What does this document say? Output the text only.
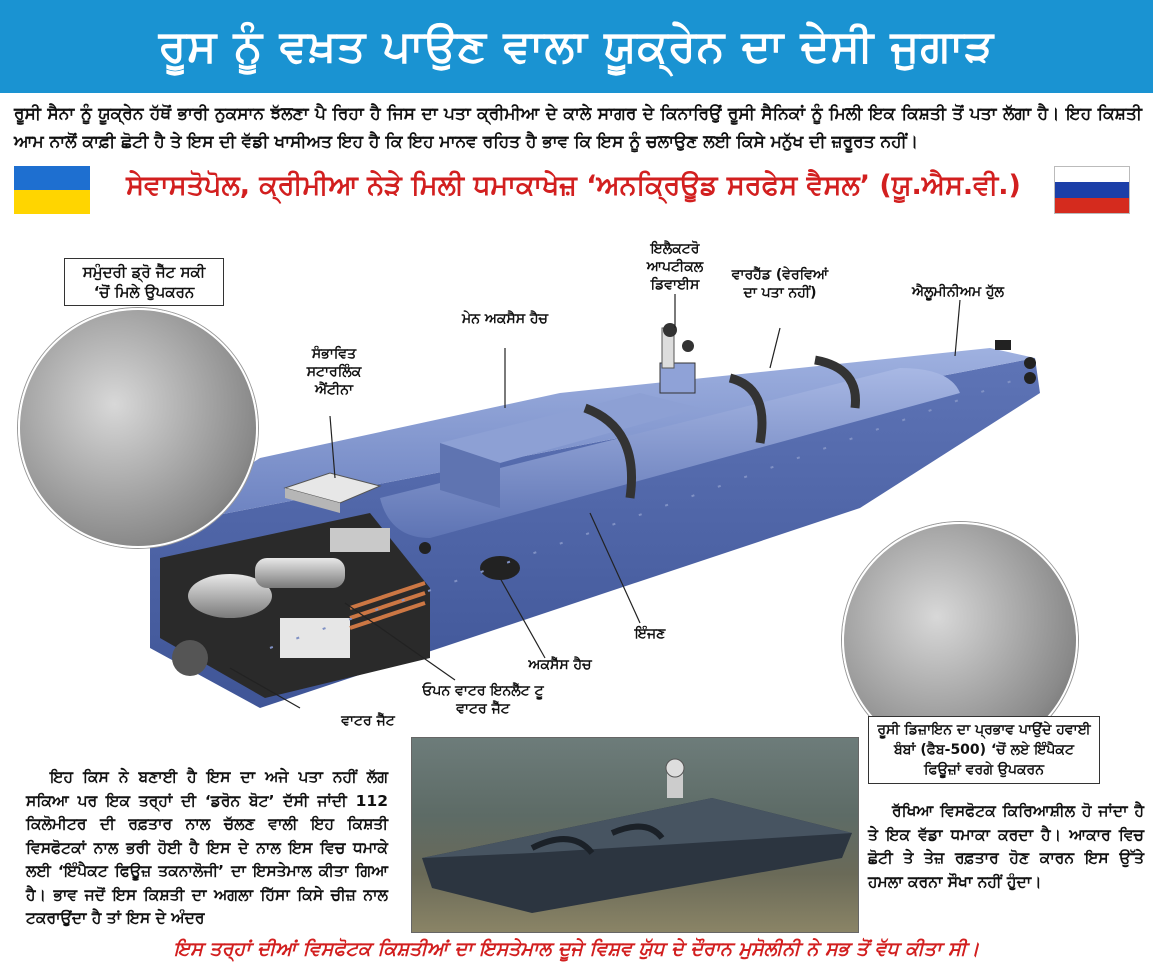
ਰੂਸ ਨੂੰ ਵਖ਼ਤ ਪਾਉਣ ਵਾਲਾ ਯੂਕ੍ਰੇਨ ਦਾ ਦੇਸੀ ਜੁਗਾੜ
ਰੂਸੀ ਸੈਨਾ ਨੂੰ ਯੂਕ੍ਰੇਨ ਹੱਥੋਂ ਭਾਰੀ ਨੁਕਸਾਨ ਝੱਲਣਾ ਪੈ ਰਿਹਾ ਹੈ ਜਿਸ ਦਾ ਪਤਾ ਕ੍ਰੀਮੀਆ ਦੇ ਕਾਲੇ ਸਾਗਰ ਦੇ ਕਿਨਾਰਿਉਂ ਰੂਸੀ ਸੈਨਿਕਾਂ ਨੂੰ ਮਿਲੀ ਇਕ ਕਿਸ਼ਤੀ ਤੋਂ ਪਤਾ ਲੱਗਾ ਹੈ। ਇਹ ਕਿਸ਼ਤੀ ਆਮ ਨਾਲੋਂ ਕਾਫ਼ੀ ਛੋਟੀ ਹੈ ਤੇ ਇਸ ਦੀ ਵੱਡੀ ਖਾਸੀਅਤ ਇਹ ਹੈ ਕਿ ਇਹ ਮਾਨਵ ਰਹਿਤ ਹੈ ਭਾਵ ਕਿ ਇਸ ਨੂੰ ਚਲਾਉਣ ਲਈ ਕਿਸੇ ਮਨੁੱਖ ਦੀ ਜ਼ਰੂਰਤ ਨਹੀਂ।
ਸੇਵਾਸਤੋਪੋਲ, ਕ੍ਰੀਮੀਆ ਨੇੜੇ ਮਿਲੀ ਧਮਾਕਾਖੇਜ਼ ‘ਅਨਕ੍ਰਿਊਡ ਸਰਫੇਸ ਵੈਸਲ’ (ਯੂ.ਐਸ.ਵੀ.)
ਸਮੁੰਦਰੀ ਡ੍ਰੋ ਜੈੱਟ ਸਕੀ ‘ਚੋਂ ਮਿਲੇ ਉਪਕਰਨ
ਸੰਭਾਵਿਤ ਸਟਾਰਲਿੰਕ ਐਂਟੀਨਾ
ਮੇਨ ਅਕਸੈਸ ਹੈਚ
ਇਲੈਕਟਰੋ ਆਪਟੀਕਲ ਡਿਵਾਈਸ
ਵਾਰਹੈੱਡ (ਵੇਰਵਿਆਂ ਦਾ ਪਤਾ ਨਹੀਂ)	ਐਲੂਮੀਨੀਅਮ ਹੁੱਲ
ਇੰਜਣ
ਅਕਸੈੱਸ ਹੈਚ
ਓਪਨ ਵਾਟਰ ਇਨਲੈੱਟ ਟੂ ਵਾਟਰ ਜੈੱਟ
ਵਾਟਰ ਜੈੱਟ
ਰੂਸੀ ਡਿਜ਼ਾਇਨ ਦਾ ਪ੍ਰਭਾਵ ਪਾਉਂਦੇ ਹਵਾਈ ਬੰਬਾਂ (ਫੈਬ-500) ‘ਚੋਂ ਲਏ ਇੰਪੈਕਟ ਫਿਊਜ਼ਾਂ ਵਰਗੇ ਉਪਕਰਨ
ਇਹ ਕਿਸ ਨੇ ਬਣਾਈ ਹੈ ਇਸ ਦਾ ਅਜੇ ਪਤਾ ਨਹੀਂ ਲੱਗ ਸਕਿਆ ਪਰ ਇਕ ਤਰ੍ਹਾਂ ਦੀ ‘ਡਰੋਨ ਬੋਟ’ ਦੱਸੀ ਜਾਂਦੀ 112 ਕਿਲੋਮੀਟਰ ਦੀ ਰਫ਼ਤਾਰ ਨਾਲ ਚੱਲਣ ਵਾਲੀ ਇਹ ਕਿਸ਼ਤੀ ਵਿਸਫੋਟਕਾਂ ਨਾਲ ਭਰੀ ਹੋਈ ਹੈ ਇਸ ਦੇ ਨਾਲ ਇਸ ਵਿਚ ਧਮਾਕੇ ਲਈ ‘ਇੰਪੈਕਟ ਫਿਊਜ਼ ਤਕਨਾਲੋਜੀ’ ਦਾ ਇਸਤੇਮਾਲ ਕੀਤਾ ਗਿਆ ਹੈ। ਭਾਵ ਜਦੋਂ ਇਸ ਕਿਸ਼ਤੀ ਦਾ ਅਗਲਾ ਹਿੱਸਾ ਕਿਸੇ ਚੀਜ਼ ਨਾਲ ਟਕਰਾਉਂਦਾ ਹੈ ਤਾਂ ਇਸ ਦੇ ਅੰਦਰ
ਰੱਖਿਆ ਵਿਸਫੋਟਕ ਕਿਰਿਆਸ਼ੀਲ ਹੋ ਜਾਂਦਾ ਹੈ ਤੇ ਇਕ ਵੱਡਾ ਧਮਾਕਾ ਕਰਦਾ ਹੈ। ਆਕਾਰ ਵਿਚ ਛੋਟੀ ਤੇ ਤੇਜ਼ ਰਫ਼ਤਾਰ ਹੋਣ ਕਾਰਨ ਇਸ ਉੱਤੇ ਹਮਲਾ ਕਰਨਾ ਸੌਖਾ ਨਹੀਂ ਹੁੰਦਾ।
ਇਸ ਤਰ੍ਹਾਂ ਦੀਆਂ ਵਿਸਫੋਟਕ ਕਿਸ਼ਤੀਆਂ ਦਾ ਇਸਤੇਮਾਲ ਦੂਜੇ ਵਿਸ਼ਵ ਯੁੱਧ ਦੇ ਦੌਰਾਨ ਮੁਸੋਲੀਨੀ ਨੇ ਸਭ ਤੋਂ ਵੱਧ ਕੀਤਾ ਸੀ।
